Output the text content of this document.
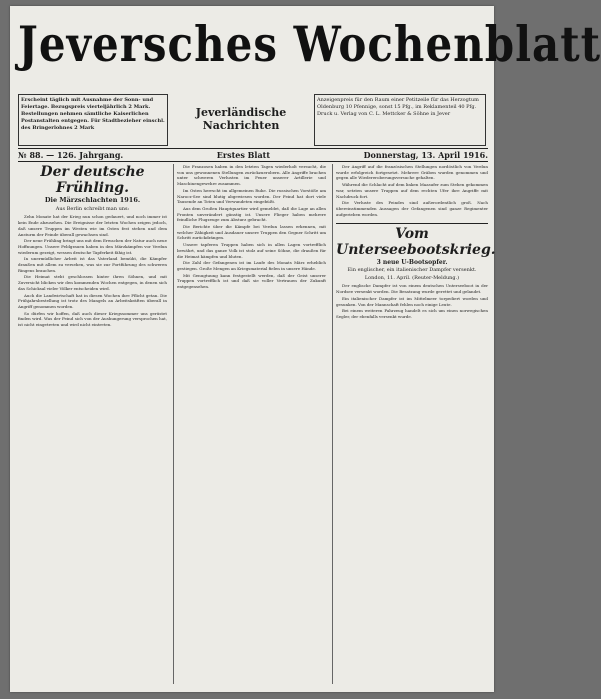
Jeversches Wochenblatt
Erscheint täglich mit Ausnahme der Sonn- und Feiertage. Bezugspreis vierteljährlich 2 Mark. Bestellungen nehmen sämtliche Kaiserlichen Postanstalten entgegen. Für Stadtbezieher einschl. des Bringerlohnes 2 Mark
Jeverländische
Nachrichten
Anzeigenpreis für den Raum einer Petitzeile für das Herzogtum Oldenburg 10 Pfennige, sonst 15 Pfg., im Reklamenteil 40 Pfg. Druck u. Verlag von C. L. Mettcker & Söhne in Jever
№ 88. — 126. Jahrgang.	Erstes Blatt	Donnerstag, 13. April 1916.
Der deutsche Frühling.
Die Märzschlachten 1916.
Aus Berlin schreibt man uns:

Zehn Monate hat der Krieg nun schon gedauert, und noch immer ist kein Ende abzusehen. Die Ereignisse der letzten Wochen zeigen jedoch, daß unsere Truppen im Westen wie im Osten fest stehen und dem Ansturm der Feinde überall gewachsen sind.

Der neue Frühling bringt uns mit dem Erwachen der Natur auch neue Hoffnungen. Unsere Feldgrauen haben in den Märzkämpfen vor Verdun wiederum gezeigt, wessen deutsche Tapferkeit fähig ist.

In unermüdlicher Arbeit ist das Vaterland bemüht, die Kämpfer draußen mit allem zu versehen, was sie zur Fortführung des schweren Ringens brauchen.

Die Heimat steht geschlossen hinter ihren Söhnen, und mit Zuversicht blicken wir den kommenden Wochen entgegen, in denen sich das Schicksal vieler Völker entscheiden wird.

Auch die Landwirtschaft hat in diesen Wochen ihre Pflicht getan. Die Frühjahrsbestellung ist trotz des Mangels an Arbeitskräften überall in Angriff genommen worden.

So dürfen wir hoffen, daß auch dieser Kriegssommer uns gerüstet finden wird. Was der Feind sich von der Aushungerung versprochen hat, ist nicht eingetreten und wird nicht eintreten.

Die Franzosen haben in den letzten Tagen wiederholt versucht, die von uns gewonnenen Stellungen zurückzuerobern. Alle Angriffe brachen unter schweren Verlusten im Feuer unserer Artillerie und Maschinengewehre zusammen.

Im Osten herrscht im allgemeinen Ruhe. Die russischen Vorstöße am Narocz-See sind blutig abgewiesen worden. Der Feind hat dort viele Tausende an Toten und Verwundeten eingebüßt.

Aus dem Großen Hauptquartier wird gemeldet, daß die Lage an allen Fronten unverändert günstig ist. Unsere Flieger haben mehrere feindliche Flugzeuge zum Absturz gebracht.

Die Berichte über die Kämpfe bei Verdun lassen erkennen, mit welcher Zähigkeit und Ausdauer unsere Truppen den Gegner Schritt um Schritt zurückdrängen.

Unsere tapferen Truppen haben sich in allen Lagen vortrefflich bewährt, und das ganze Volk ist stolz auf seine Söhne, die draußen für die Heimat kämpfen und bluten.

Die Zahl der Gefangenen ist im Laufe des Monats März erheblich gestiegen. Große Mengen an Kriegsmaterial fielen in unsere Hände.

Mit Genugtuung kann festgestellt werden, daß der Geist unserer Truppen vortrefflich ist und daß sie voller Vertrauen der Zukunft entgegensehen.

Der Angriff auf die französischen Stellungen nordöstlich von Verdun wurde erfolgreich fortgesetzt. Mehrere Gräben wurden genommen und gegen alle Wiedereroberungsversuche gehalten.

Während die Schlacht auf dem linken Maasufer zum Stehen gekommen war, setzten unsere Truppen auf dem rechten Ufer ihre Angriffe mit Nachdruck fort.

Die Verluste des Feindes sind außerordentlich groß. Nach übereinstimmenden Aussagen der Gefangenen sind ganze Regimenter aufgerieben worden.

Vom Unterseebootskrieg.
3 neue U-Bootsopfer.
Ein englischer, ein italienischer Dampfer versenkt.
London, 11. April. (Reuter-Meldung.)

Der englische Dampfer ist von einem deutschen Unterseeboot in der Nordsee versenkt worden. Die Besatzung wurde gerettet und gelandet.

Ein italienischer Dampfer ist im Mittelmeer torpediert worden und gesunken. Von der Mannschaft fehlen noch einige Leute.

Bei einem weiteren Fahrzeug handelt es sich um einen norwegischen Segler, der ebenfalls versenkt wurde.
